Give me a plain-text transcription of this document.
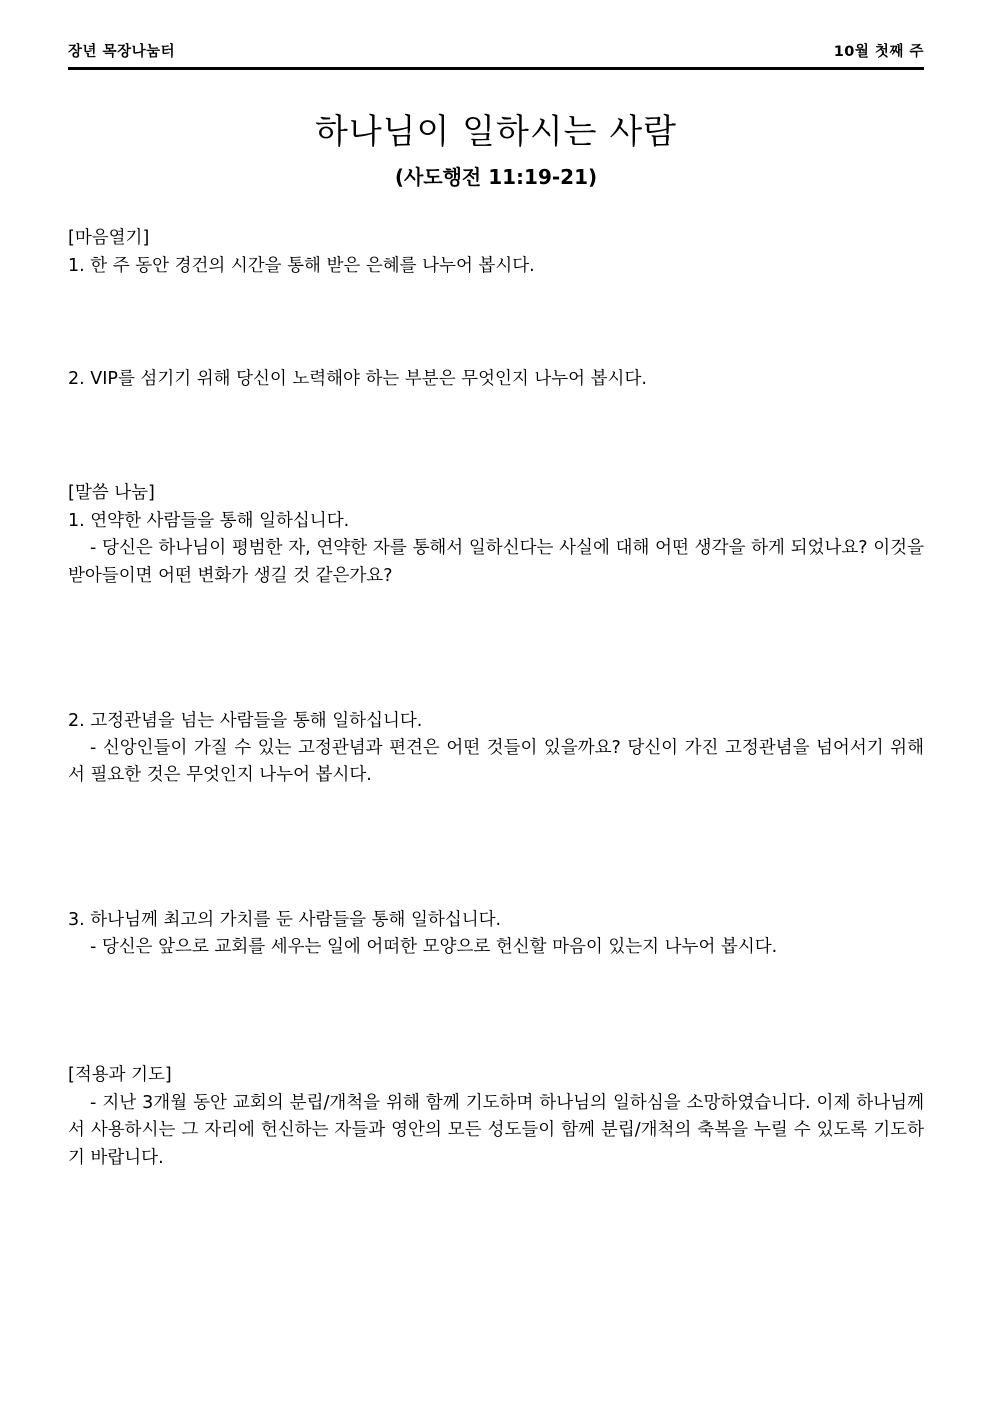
장년 목장나눔터	10월 첫째 주
하나님이 일하시는 사람
(사도행전 11:19-21)
[마음열기]

1. 한 주 동안 경건의 시간을 통해 받은 은혜를 나누어 봅시다.

2. VIP를 섬기기 위해 당신이 노력해야 하는 부분은 무엇인지 나누어 봅시다.

[말씀 나눔]

1. 연약한 사람들을 통해 일하십니다.

- 당신은 하나님이 평범한 자, 연약한 자를 통해서 일하신다는 사실에 대해 어떤 생각을 하게 되었나요? 이것을 받아들이면 어떤 변화가 생길 것 같은가요?

2. 고정관념을 넘는 사람들을 통해 일하십니다.

- 신앙인들이 가질 수 있는 고정관념과 편견은 어떤 것들이 있을까요? 당신이 가진 고정관념을 넘어서기 위해서 필요한 것은 무엇인지 나누어 봅시다.

3. 하나님께 최고의 가치를 둔 사람들을 통해 일하십니다.

- 당신은 앞으로 교회를 세우는 일에 어떠한 모양으로 헌신할 마음이 있는지 나누어 봅시다.

[적용과 기도]

- 지난 3개월 동안 교회의 분립/개척을 위해 함께 기도하며 하나님의 일하심을 소망하였습니다. 이제 하나님께서 사용하시는 그 자리에 헌신하는 자들과 영안의 모든 성도들이 함께 분립/개척의 축복을 누릴 수 있도록 기도하기 바랍니다.
